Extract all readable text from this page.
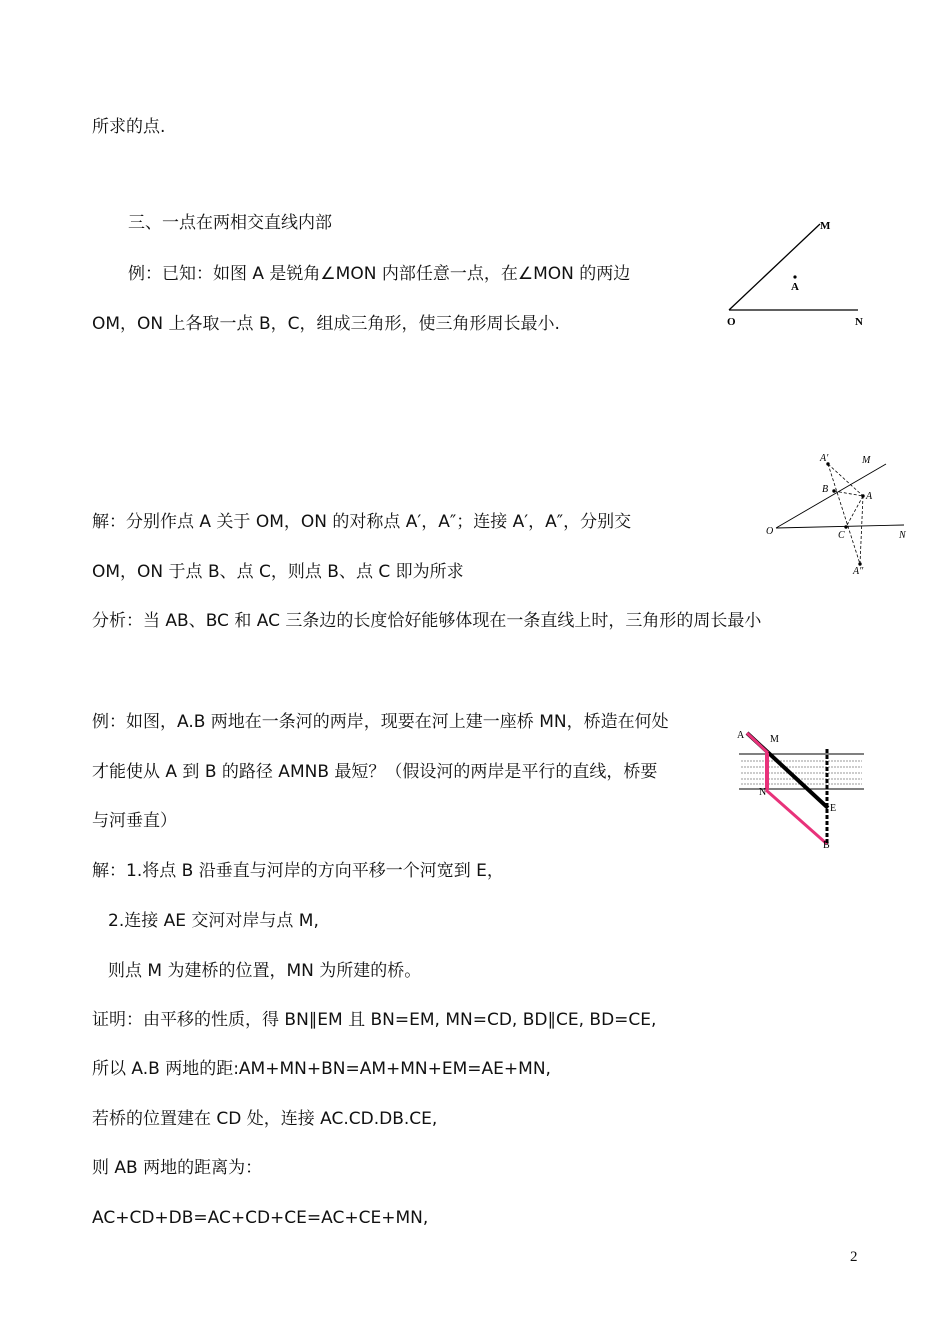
所求的点.
三、一点在两相交直线内部
例：已知：如图 A 是锐角∠MON 内部任意一点，在∠MON 的两边
OM，ON 上各取一点 B，C，组成三角形，使三角形周长最小.
解：分别作点 A 关于 OM，ON 的对称点 A′，A″；连接 A′，A″，分别交
OM，ON 于点 B、点 C，则点 B、点 C 即为所求
分析：当 AB、BC 和 AC 三条边的长度恰好能够体现在一条直线上时，三角形的周长最小
例：如图，A.B 两地在一条河的两岸，现要在河上建一座桥 MN，桥造在何处
才能使从 A 到 B 的路径 AMNB 最短？（假设河的两岸是平行的直线，桥要
与河垂直）
解：1.将点 B 沿垂直与河岸的方向平移一个河宽到 E，
2.连接 AE 交河对岸与点 M,
则点 M 为建桥的位置，MN 为所建的桥。
证明：由平移的性质，得 BN∥EM 且 BN=EM, MN=CD, BD∥CE, BD=CE,
所以 A.B 两地的距:AM+MN+BN=AM+MN+EM=AE+MN,
若桥的位置建在 CD 处，连接 AC.CD.DB.CE,
则 AB 两地的距离为：
AC+CD+DB=AC+CD+CE=AC+CE+MN,
M
A
O	N
A′	M
B
A
O	C	N
A″
A	M
N
E
B
2
